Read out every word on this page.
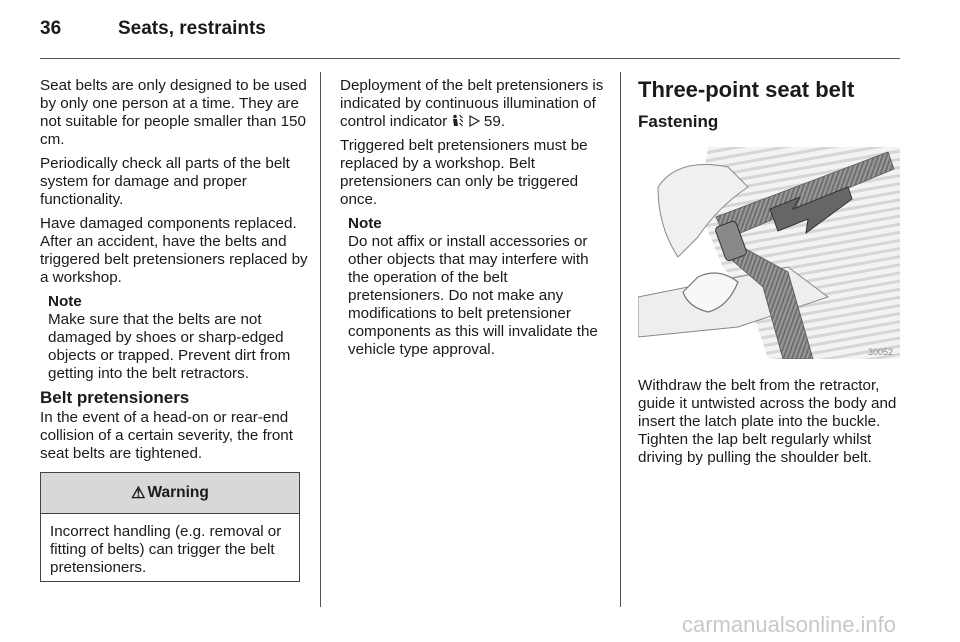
36	Seats, restraints

Seat belts are only designed to be used by only one person at a time. They are not suitable for people smaller than 150 cm.

Periodically check all parts of the belt system for damage and proper functionality.

Have damaged components replaced. After an accident, have the belts and triggered belt pretensioners replaced by a workshop.

Note
Make sure that the belts are not damaged by shoes or sharp-edged objects or trapped. Prevent dirt from getting into the belt retractors.
Belt pretensioners

In the event of a head-on or rear-end collision of a certain severity, the front seat belts are tightened.

⚠ Warning
Incorrect handling (e.g. removal or fitting of belts) can trigger the belt pretensioners.

Deployment of the belt pretensioners is indicated by continuous illumination of control indicator 59.

Triggered belt pretensioners must be replaced by a workshop. Belt pretensioners can only be triggered once.

Note
Do not affix or install accessories or other objects that may interfere with the operation of the belt pretensioners. Do not make any modifications to belt pretensioner components as this will invalidate the vehicle type approval.
Three-point seat belt
Fastening
30052

Withdraw the belt from the retractor, guide it untwisted across the body and insert the latch plate into the buckle. Tighten the lap belt regularly whilst driving by pulling the shoulder belt.

carmanualsonline.info
